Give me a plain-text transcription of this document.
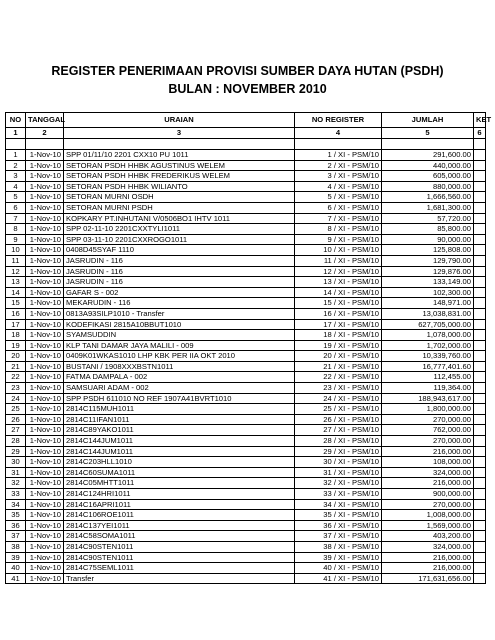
REGISTER PENERIMAAN PROVISI SUMBER DAYA HUTAN (PSDH)
BULAN : NOVEMBER 2010
NO	TANGGAL	URAIAN	NO REGISTER	JUMLAH	KET
1	2	3	4	5	6

1	1-Nov-10	SPP 01/11/10 2201 CXX10 PU 1011	1 / XI - PSM/10	291,600.00	
2	1-Nov-10	SETORAN PSDH HHBK AGUSTINUS WELEM	2 / XI - PSM/10	440,000.00	
3	1-Nov-10	SETORAN PSDH HHBK FREDERIKUS WELEM	3 / XI - PSM/10	605,000.00	
4	1-Nov-10	SETORAN PSDH HHBK WILIANTO	4 / XI - PSM/10	880,000.00	
5	1-Nov-10	SETORAN MURNI OSDH	5 / XI - PSM/10	1,666,560.00	
6	1-Nov-10	SETORAN MURNI PSDH	6 / XI - PSM/10	1,681,300.00	
7	1-Nov-10	KOPKARY PT.INHUTANI V/0506BO1 IHTV 1011	7 / XI - PSM/10	57,720.00	
8	1-Nov-10	SPP 02-11-10 2201CXXTYLI1011	8 / XI - PSM/10	85,800.00	
9	1-Nov-10	SPP 03-11-10 2201CXXROGO1011	9 / XI - PSM/10	90,000.00	
10	1-Nov-10	0408D45SYAF 1110	10 / XI - PSM/10	125,808.00	
11	1-Nov-10	JASRUDIN - 116	11 / XI - PSM/10	129,790.00	
12	1-Nov-10	JASRUDIN - 116	12 / XI - PSM/10	129,876.00	
13	1-Nov-10	JASRUDIN - 116	13 / XI - PSM/10	133,149.00	
14	1-Nov-10	GAFAR S - 002	14 / XI - PSM/10	102,300.00	
15	1-Nov-10	MEKARUDIN - 116	15 / XI - PSM/10	148,971.00	
16	1-Nov-10	0813A93SILP1010 - Transfer	16 / XI - PSM/10	13,038,831.00	
17	1-Nov-10	KODEFIKASI 2815A10BBUT1010	17 / XI - PSM/10	627,705,000.00	
18	1-Nov-10	SYAMSUDDIN	18 / XI - PSM/10	1,078,000.00	
19	1-Nov-10	KLP TANI DAMAR JAYA MALILI - 009	19 / XI - PSM/10	1,702,000.00	
20	1-Nov-10	0409K01WKAS1010 LHP KBK PER IIA OKT 2010	20 / XI - PSM/10	10,339,760.00	
21	1-Nov-10	BUSTANI / 1908XXXBSTN1011	21 / XI - PSM/10	16,777,401.60	
22	1-Nov-10	FATMA DAMPALA - 002	22 / XI - PSM/10	112,455.00	
23	1-Nov-10	SAMSUARI ADAM - 002	23 / XI - PSM/10	119,364.00	
24	1-Nov-10	SPP PSDH 611010 NO REF 1907A41BVRT1010	24 / XI - PSM/10	188,943,617.00	
25	1-Nov-10	2814C115MUH1011	25 / XI - PSM/10	1,800,000.00	
26	1-Nov-10	2814C11IFAN1011	26 / XI - PSM/10	270,000.00	
27	1-Nov-10	2814C89YAKO1011	27 / XI - PSM/10	762,000.00	
28	1-Nov-10	2814C144JUM1011	28 / XI - PSM/10	270,000.00	
29	1-Nov-10	2814C144JUM1011	29 / XI - PSM/10	216,000.00	
30	1-Nov-10	2814C203HLL1010	30 / XI - PSM/10	108,000.00	
31	1-Nov-10	2814C60SUMA1011	31 / XI - PSM/10	324,000.00	
32	1-Nov-10	2814C05MHTT1011	32 / XI - PSM/10	216,000.00	
33	1-Nov-10	2814C124HRI1011	33 / XI - PSM/10	900,000.00	
34	1-Nov-10	2814C16APRI1011	34 / XI - PSM/10	270,000.00	
35	1-Nov-10	2814C106ROE1011	35 / XI - PSM/10	1,008,000.00	
36	1-Nov-10	2814C137YEI1011	36 / XI - PSM/10	1,569,000.00	
37	1-Nov-10	2814C58SOMA1011	37 / XI - PSM/10	403,200.00	
38	1-Nov-10	2814C90STEN1011	38 / XI - PSM/10	324,000.00	
39	1-Nov-10	2814C90STEN1011	39 / XI - PSM/10	216,000.00	
40	1-Nov-10	2814C75SEML1011	40 / XI - PSM/10	216,000.00	
41	1-Nov-10	Transfer	41 / XI - PSM/10	171,631,656.00	
